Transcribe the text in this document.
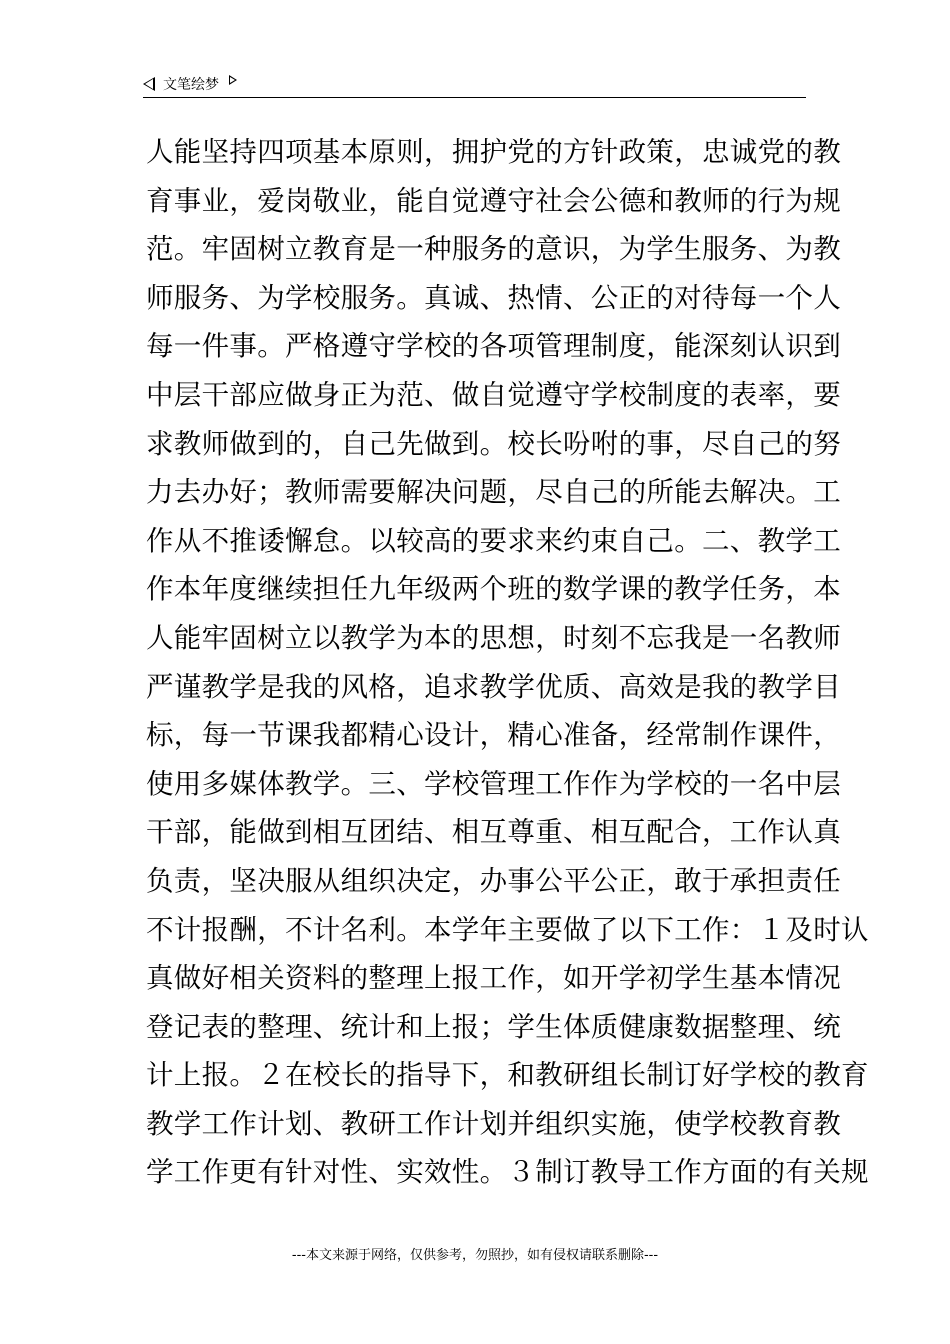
文笔绘梦
人能坚持四项基本原则，拥护党的方针政策，忠诚党的教
育事业，爱岗敬业，能自觉遵守社会公德和教师的行为规
范。牢固树立教育是一种服务的意识，为学生服务、为教
师服务、为学校服务。真诚、热情、公正的对待每一个人
每一件事。严格遵守学校的各项管理制度，能深刻认识到
中层干部应做身正为范、做自觉遵守学校制度的表率，要
求教师做到的，自己先做到。校长吩咐的事，尽自己的努
力去办好；教师需要解决问题，尽自己的所能去解决。工
作从不推诿懈怠。以较高的要求来约束自己。二、教学工
作本年度继续担任九年级两个班的数学课的教学任务，本
人能牢固树立以教学为本的思想，时刻不忘我是一名教师
严谨教学是我的风格，追求教学优质、高效是我的教学目
标，每一节课我都精心设计，精心准备，经常制作课件，
使用多媒体教学。三、学校管理工作作为学校的一名中层
干部，能做到相互团结、相互尊重、相互配合，工作认真
负责，坚决服从组织决定，办事公平公正，敢于承担责任
不计报酬，不计名利。本学年主要做了以下工作：１及时认
真做好相关资料的整理上报工作，如开学初学生基本情况
登记表的整理、统计和上报；学生体质健康数据整理、统
计上报。２在校长的指导下，和教研组长制订好学校的教育
教学工作计划、教研工作计划并组织实施，使学校教育教
学工作更有针对性、实效性。３制订教导工作方面的有关规
---本文来源于网络，仅供参考，勿照抄，如有侵权请联系删除---
